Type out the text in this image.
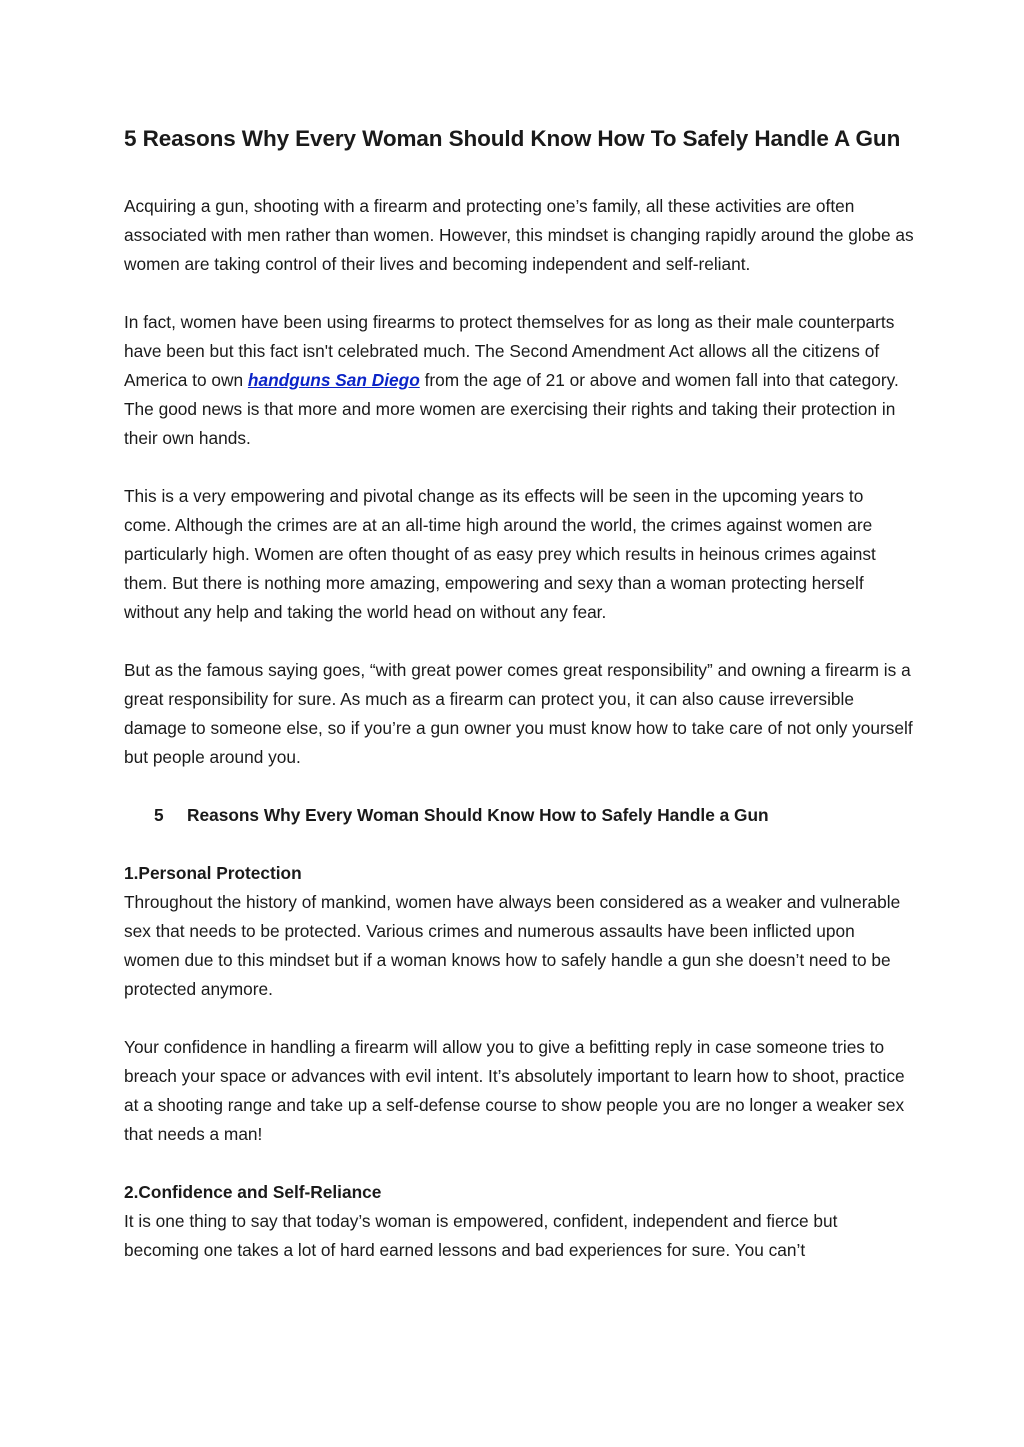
5 Reasons Why Every Woman Should Know How To Safely Handle A Gun

Acquiring a gun, shooting with a firearm and protecting one’s family, all these activities are often associated with men rather than women. However, this mindset is changing rapidly around the globe as women are taking control of their lives and becoming independent and self-reliant.

In fact, women have been using firearms to protect themselves for as long as their male counterparts have been but this fact isn't celebrated much. The Second Amendment Act allows all the citizens of America to own handguns San Diego from the age of 21 or above and women fall into that category. The good news is that more and more women are exercising their rights and taking their protection in their own hands.

This is a very empowering and pivotal change as its effects will be seen in the upcoming years to come. Although the crimes are at an all-time high around the world, the crimes against women are particularly high. Women are often thought of as easy prey which results in heinous crimes against them. But there is nothing more amazing, empowering and sexy than a woman protecting herself without any help and taking the world head on without any fear.

But as the famous saying goes, “with great power comes great responsibility” and owning a firearm is a great responsibility for sure. As much as a firearm can protect you, it can also cause irreversible damage to someone else, so if you’re a gun owner you must know how to take care of not only yourself but people around you.

5	Reasons Why Every Woman Should Know How to Safely Handle a Gun
1.Personal Protection

Throughout the history of mankind, women have always been considered as a weaker and vulnerable sex that needs to be protected. Various crimes and numerous assaults have been inflicted upon women due to this mindset but if a woman knows how to safely handle a gun she doesn’t need to be protected anymore.

Your confidence in handling a firearm will allow you to give a befitting reply in case someone tries to breach your space or advances with evil intent. It’s absolutely important to learn how to shoot, practice at a shooting range and take up a self-defense course to show people you are no longer a weaker sex that needs a man!

2.Confidence and Self-Reliance

It is one thing to say that today’s woman is empowered, confident, independent and fierce but becoming one takes a lot of hard earned lessons and bad experiences for sure. You can’t
